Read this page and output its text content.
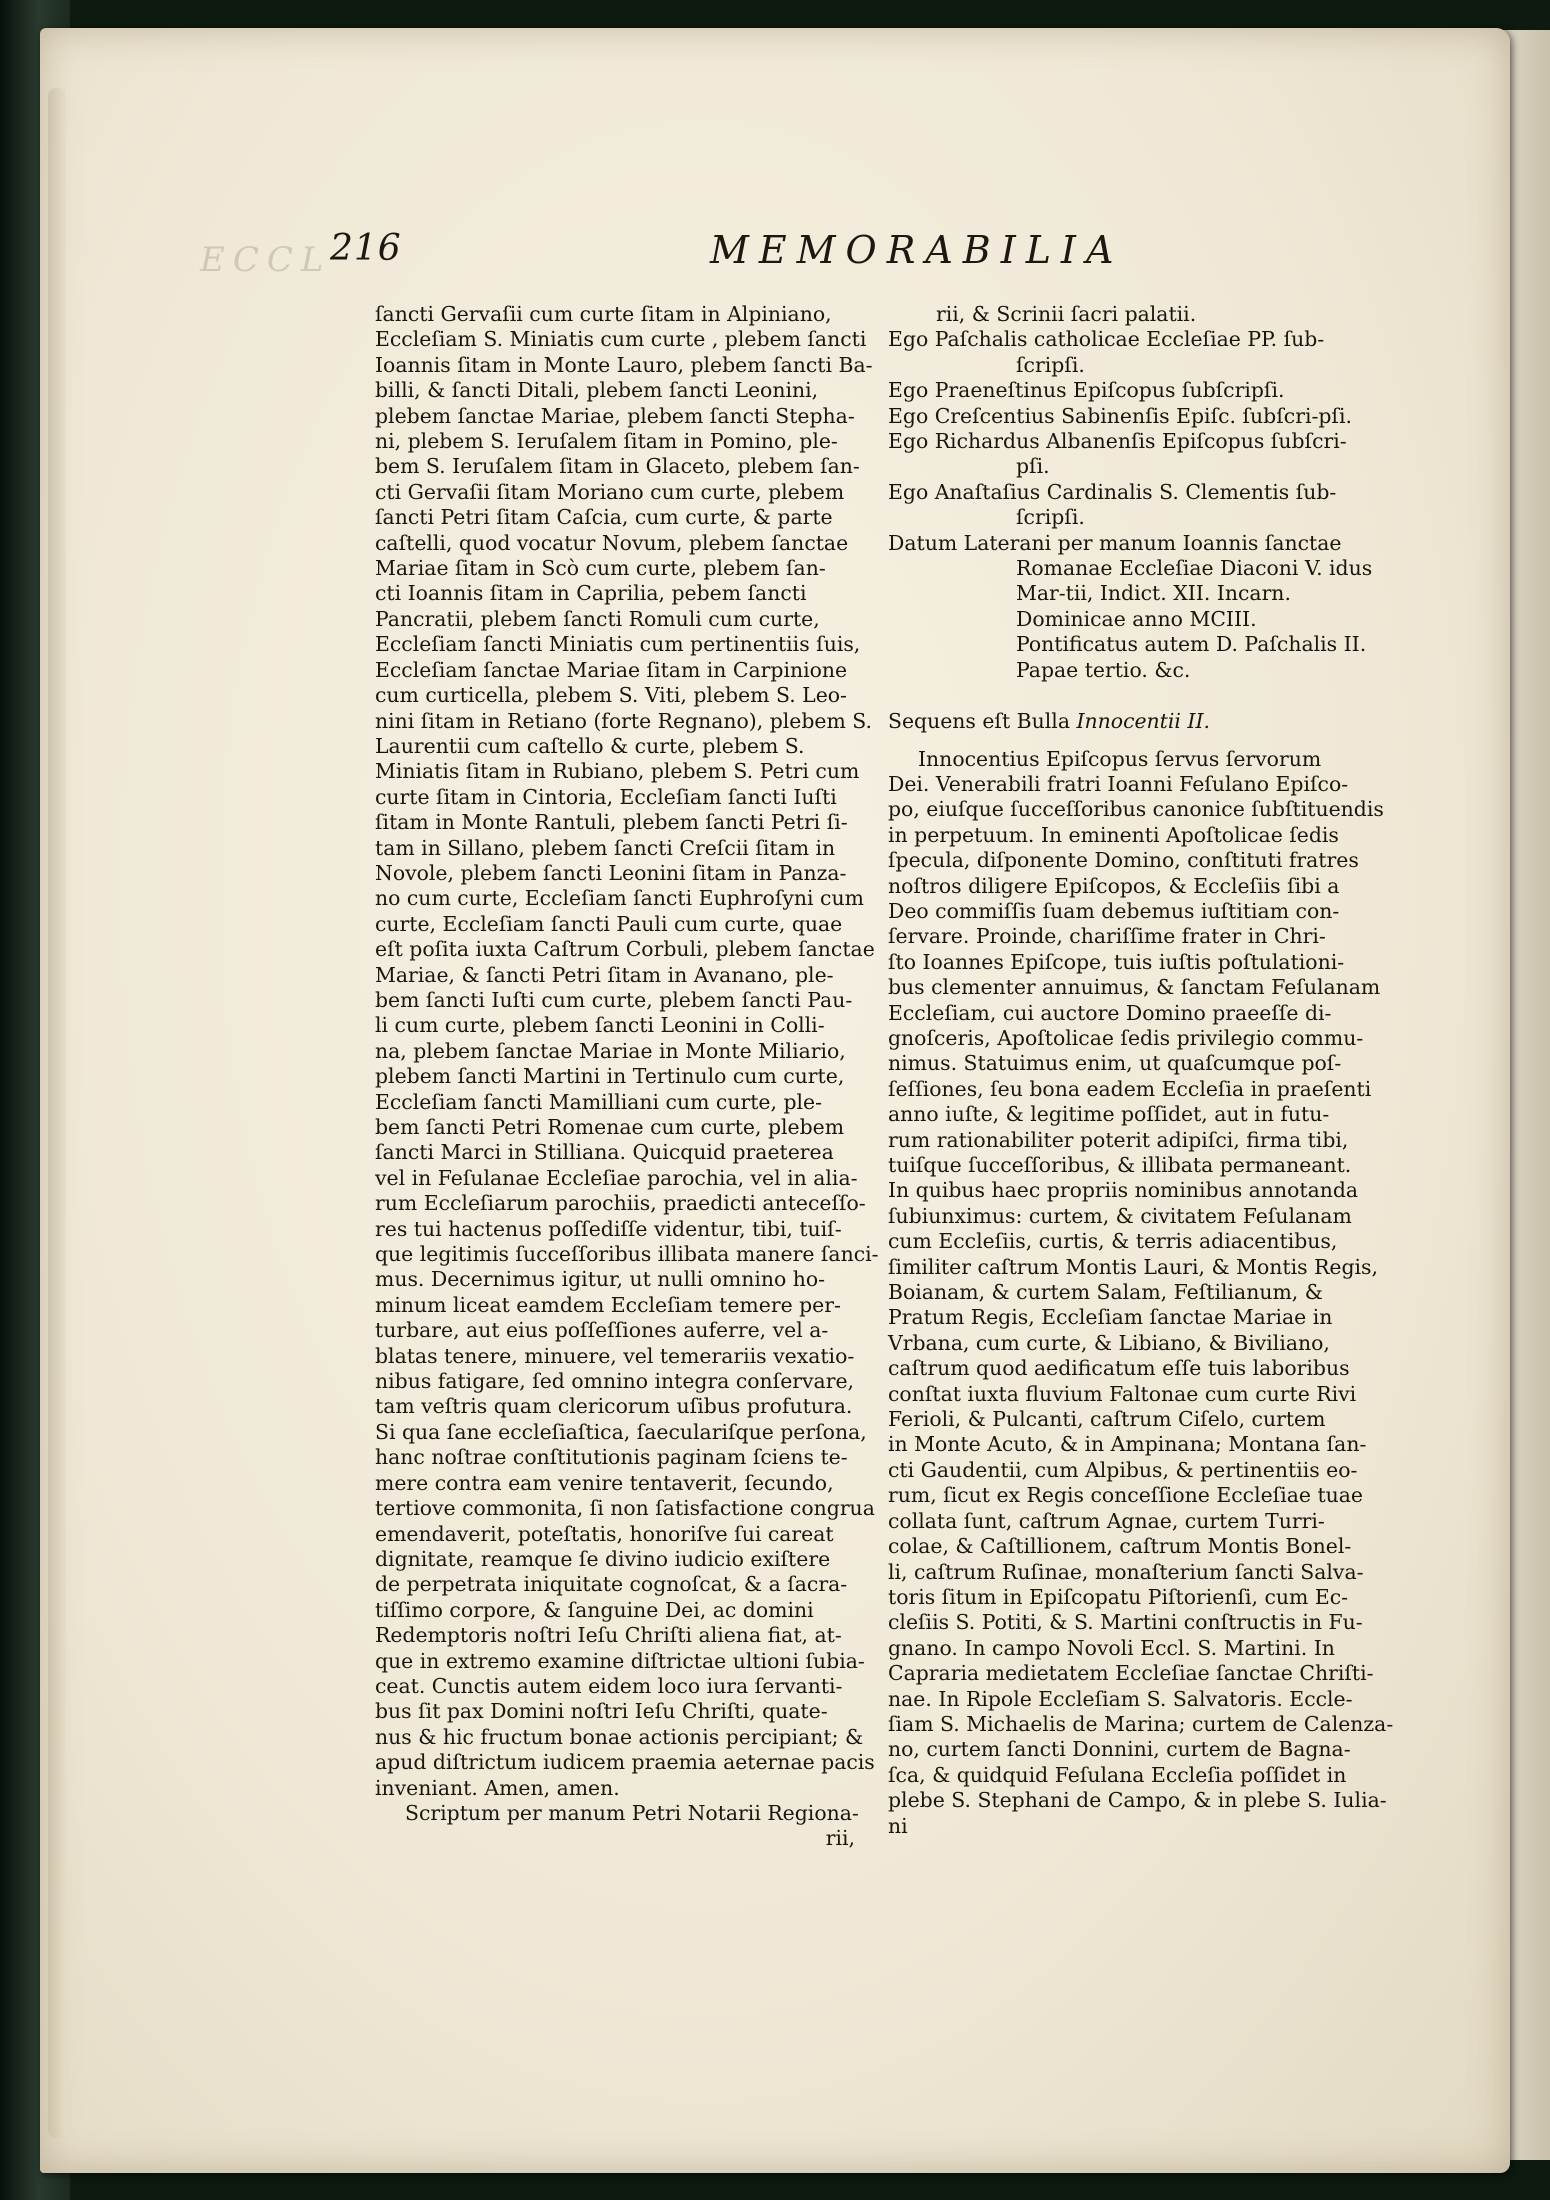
ECCL
216	MEMORABILIA
ſancti Gervaſii cum curte ſitam in Alpiniano,
Eccleſiam S. Miniatis cum curte , plebem ſancti
Ioannis ſitam in Monte Lauro, plebem ſancti Ba-
billi, & ſancti Ditali, plebem ſancti Leonini,
plebem ſanctae Mariae, plebem ſancti Stepha-
ni, plebem S. Ieruſalem ſitam in Pomino, ple-
bem S. Ieruſalem ſitam in Glaceto, plebem ſan-
cti Gervaſii ſitam Moriano cum curte, plebem
ſancti Petri ſitam Caſcia, cum curte, & parte
caſtelli, quod vocatur Novum, plebem ſanctae
Mariae ſitam in Scò cum curte, plebem ſan-
cti Ioannis ſitam in Caprilia, pebem ſancti
Pancratii, plebem ſancti Romuli cum curte,
Eccleſiam ſancti Miniatis cum pertinentiis ſuis,
Eccleſiam ſanctae Mariae ſitam in Carpinione
cum curticella, plebem S. Viti, plebem S. Leo-
nini ſitam in Retiano (forte Regnano), plebem S.
Laurentii cum caſtello & curte, plebem S.
Miniatis ſitam in Rubiano, plebem S. Petri cum
curte ſitam in Cintoria, Eccleſiam ſancti Iuſti
ſitam in Monte Rantuli, plebem ſancti Petri ſi-
tam in Sillano, plebem ſancti Creſcii ſitam in
Novole, plebem ſancti Leonini ſitam in Panza-
no cum curte, Eccleſiam ſancti Euphroſyni cum
curte, Eccleſiam ſancti Pauli cum curte, quae
eſt poſita iuxta Caſtrum Corbuli, plebem ſanctae
Mariae, & ſancti Petri ſitam in Avanano, ple-
bem ſancti Iuſti cum curte, plebem ſancti Pau-
li cum curte, plebem ſancti Leonini in Colli-
na, plebem ſanctae Mariae in Monte Miliario,
plebem ſancti Martini in Tertinulo cum curte,
Eccleſiam ſancti Mamilliani cum curte, ple-
bem ſancti Petri Romenae cum curte, plebem
ſancti Marci in Stilliana. Quicquid praeterea
vel in Feſulanae Eccleſiae parochia, vel in alia-
rum Eccleſiarum parochiis, praedicti anteceſſo-
res tui hactenus poſſediſſe videntur, tibi, tuiſ-
que legitimis ſucceſſoribus illibata manere ſanci-
mus. Decernimus igitur, ut nulli omnino ho-
minum liceat eamdem Eccleſiam temere per-
turbare, aut eius poſſeſſiones auferre, vel a-
blatas tenere, minuere, vel temerariis vexatio-
nibus fatigare, ſed omnino integra conſervare,
tam veſtris quam clericorum uſibus profutura.
Si qua ſane eccleſiaſtica, ſaeculariſque perſona,
hanc noſtrae conſtitutionis paginam ſciens te-
mere contra eam venire tentaverit, ſecundo,
tertiove commonita, ſi non ſatisfactione congrua
emendaverit, poteſtatis, honoriſve ſui careat
dignitate, reamque ſe divino iudicio exiſtere
de perpetrata iniquitate cognoſcat, & a ſacra-
tiſſimo corpore, & ſanguine Dei, ac domini
Redemptoris noſtri Ieſu Chriſti aliena fiat, at-
que in extremo examine diſtrictae ultioni ſubia-
ceat. Cunctis autem eidem loco iura ſervanti-
bus ſit pax Domini noſtri Ieſu Chriſti, quate-
nus & hic fructum bonae actionis percipiant; &
apud diſtrictum iudicem praemia aeternae pacis
inveniant. Amen, amen.
Scriptum per manum Petri Notarii Regiona-
rii,
rii, & Scrinii ſacri palatii.
Ego Paſchalis catholicae Eccleſiae PP. ſub-ſcripſi.
Ego Praeneſtinus Epiſcopus ſubſcripſi.
Ego Creſcentius Sabinenſis Epiſc. ſubſcri-pſi.
Ego Richardus Albanenſis Epiſcopus ſubſcri-pſi.
Ego Anaſtaſius Cardinalis S. Clementis ſub-ſcripſi.
Datum Laterani per manum Ioannis ſanctae Romanae Eccleſiae Diaconi V. idus Mar-tii, Indict. XII. Incarn. Dominicae anno MCIII. Pontificatus autem D. Paſchalis II. Papae tertio. &c.
Sequens eſt Bulla Innocentii II.
Innocentius Epiſcopus ſervus ſervorum
Dei. Venerabili fratri Ioanni Feſulano Epiſco-
po, eiuſque ſucceſſoribus canonice ſubſtituendis
in perpetuum. In eminenti Apoſtolicae ſedis
ſpecula, diſponente Domino, conſtituti fratres
noſtros diligere Epiſcopos, & Eccleſiis ſibi a
Deo commiſſis ſuam debemus iuſtitiam con-
ſervare. Proinde, chariſſime frater in Chri-
ſto Ioannes Epiſcope, tuis iuſtis poſtulationi-
bus clementer annuimus, & ſanctam Feſulanam
Eccleſiam, cui auctore Domino praeeſſe di-
gnoſceris, Apoſtolicae ſedis privilegio commu-
nimus. Statuimus enim, ut quaſcumque poſ-
ſeſſiones, ſeu bona eadem Eccleſia in praeſenti
anno iuſte, & legitime poſſidet, aut in futu-
rum rationabiliter poterit adipiſci, firma tibi,
tuiſque ſucceſſoribus, & illibata permaneant.
In quibus haec propriis nominibus annotanda
ſubiunximus: curtem, & civitatem Feſulanam
cum Eccleſiis, curtis, & terris adiacentibus,
ſimiliter caſtrum Montis Lauri, & Montis Regis,
Boianam, & curtem Salam, Feſtilianum, &
Pratum Regis, Eccleſiam ſanctae Mariae in
Vrbana, cum curte, & Libiano, & Biviliano,
caſtrum quod aedificatum eſſe tuis laboribus
conſtat iuxta fluvium Faltonae cum curte Rivi
Ferioli, & Pulcanti, caſtrum Ciſelo, curtem
in Monte Acuto, & in Ampinana; Montana ſan-
cti Gaudentii, cum Alpibus, & pertinentiis eo-
rum, ſicut ex Regis conceſſione Eccleſiae tuae
collata ſunt, caſtrum Agnae, curtem Turri-
colae, & Caſtillionem, caſtrum Montis Bonel-
li, caſtrum Ruſinae, monaſterium ſancti Salva-
toris ſitum in Epiſcopatu Piſtorienſi, cum Ec-
cleſiis S. Potiti, & S. Martini conſtructis in Fu-
gnano. In campo Novoli Eccl. S. Martini. In
Capraria medietatem Eccleſiae ſanctae Chriſti-
nae. In Ripole Eccleſiam S. Salvatoris. Eccle-
ſiam S. Michaelis de Marina; curtem de Calenza-
no, curtem ſancti Donnini, curtem de Bagna-
ſca, & quidquid Feſulana Eccleſia poſſidet in
plebe S. Stephani de Campo, & in plebe S. Iulia-
ni
